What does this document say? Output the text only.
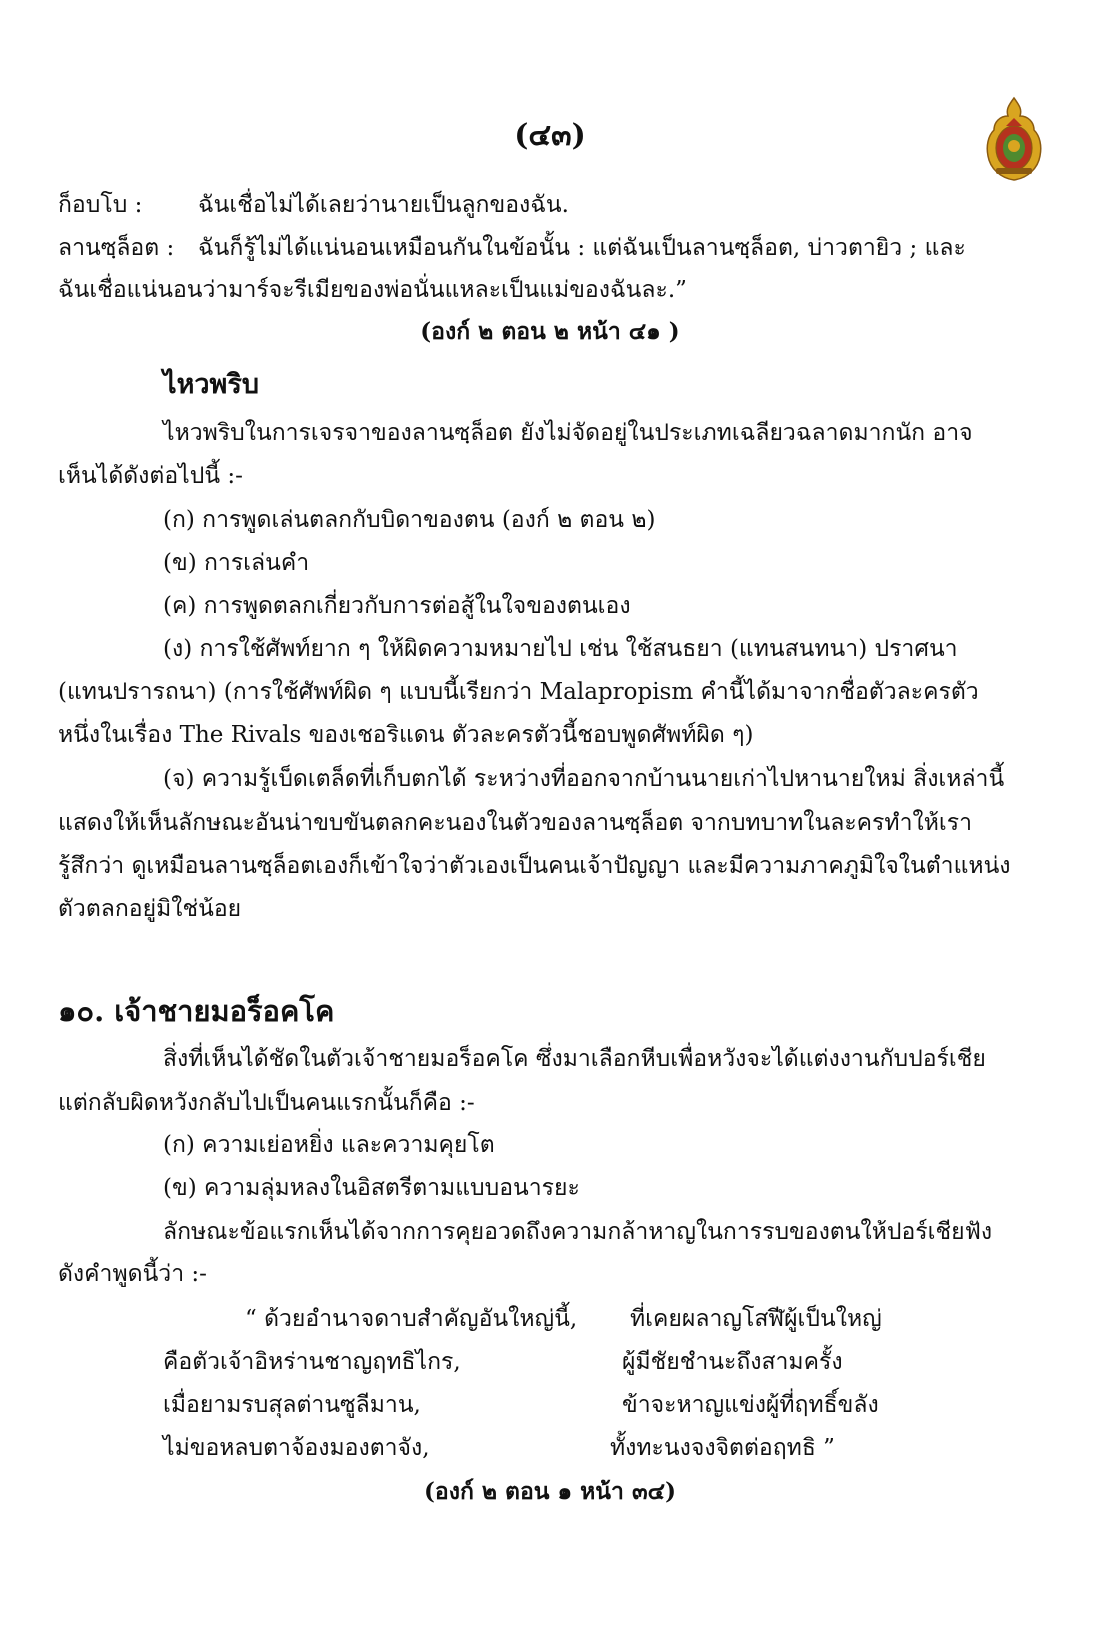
(๔๓)
ก็อบโบ : ฉันเชื่อไม่ได้เลยว่านายเป็นลูกของฉัน.
ลานซฺล็อต : ฉันก็รู้ไม่ได้แน่นอนเหมือนกันในข้อนั้น : แต่ฉันเป็นลานซฺล็อต, บ่าวตายิว ; และ
ฉันเชื่อแน่นอนว่ามาร์จะรีเมียของพ่อนั่นแหละเป็นแม่ของฉันละ.”
(องก์ ๒ ตอน ๒ หน้า ๔๑ )
ไหวพริบ
ไหวพริบในการเจรจาของลานซฺล็อต ยังไม่จัดอยู่ในประเภทเฉลียวฉลาดมากนัก อาจ
เห็นได้ดังต่อไปนี้ :-
(ก) การพูดเล่นตลกกับบิดาของตน (องก์ ๒ ตอน ๒)
(ข) การเล่นคำ
(ค) การพูดตลกเกี่ยวกับการต่อสู้ในใจของตนเอง
(ง) การใช้ศัพท์ยาก ๆ ให้ผิดความหมายไป เช่น ใช้สนธยา (แทนสนทนา) ปราศนา
(แทนปรารถนา) (การใช้ศัพท์ผิด ๆ แบบนี้เรียกว่า Malapropism คำนี้ได้มาจากชื่อตัวละครตัว
หนึ่งในเรื่อง The Rivals ของเชอริแดน ตัวละครตัวนี้ชอบพูดศัพท์ผิด ๆ)
(จ) ความรู้เบ็ดเตล็ดที่เก็บตกได้ ระหว่างที่ออกจากบ้านนายเก่าไปหานายใหม่ สิ่งเหล่านี้
แสดงให้เห็นลักษณะอันน่าขบขันตลกคะนองในตัวของลานซฺล็อต จากบทบาทในละครทำให้เรา
รู้สึกว่า ดูเหมือนลานซฺล็อตเองก็เข้าใจว่าตัวเองเป็นคนเจ้าปัญญา และมีความภาคภูมิใจในตำแหน่ง
ตัวตลกอยู่มิใช่น้อย
๑๐. เจ้าชายมอร็อคโค
สิ่งที่เห็นได้ชัดในตัวเจ้าชายมอร็อคโค ซึ่งมาเลือกหีบเพื่อหวังจะได้แต่งงานกับปอร์เชีย
แต่กลับผิดหวังกลับไปเป็นคนแรกนั้นก็คือ :-
(ก) ความเย่อหยิ่ง และความคุยโต
(ข) ความลุ่มหลงในอิสตรีตามแบบอนารยะ
ลักษณะข้อแรกเห็นได้จากการคุยอวดถึงความกล้าหาญในการรบของตนให้ปอร์เชียฟัง
ดังคำพูดนี้ว่า :-
“ ด้วยอำนาจดาบสำคัญอันใหญ่นี้, ที่เคยผลาญโสฬีผู้เป็นใหญ่
คือตัวเจ้าอิหร่านชาญฤทธิไกร,	ผู้มีชัยชำนะถึงสามครั้ง
เมื่อยามรบสุลต่านซูลีมาน,	ข้าจะหาญแข่งผู้ที่ฤทธิ์ขลัง
ไม่ขอหลบตาจ้องมองตาจัง,	ทั้งทะนงจงจิตต่อฤทธิ ”
(องก์ ๒ ตอน ๑ หน้า ๓๔)
